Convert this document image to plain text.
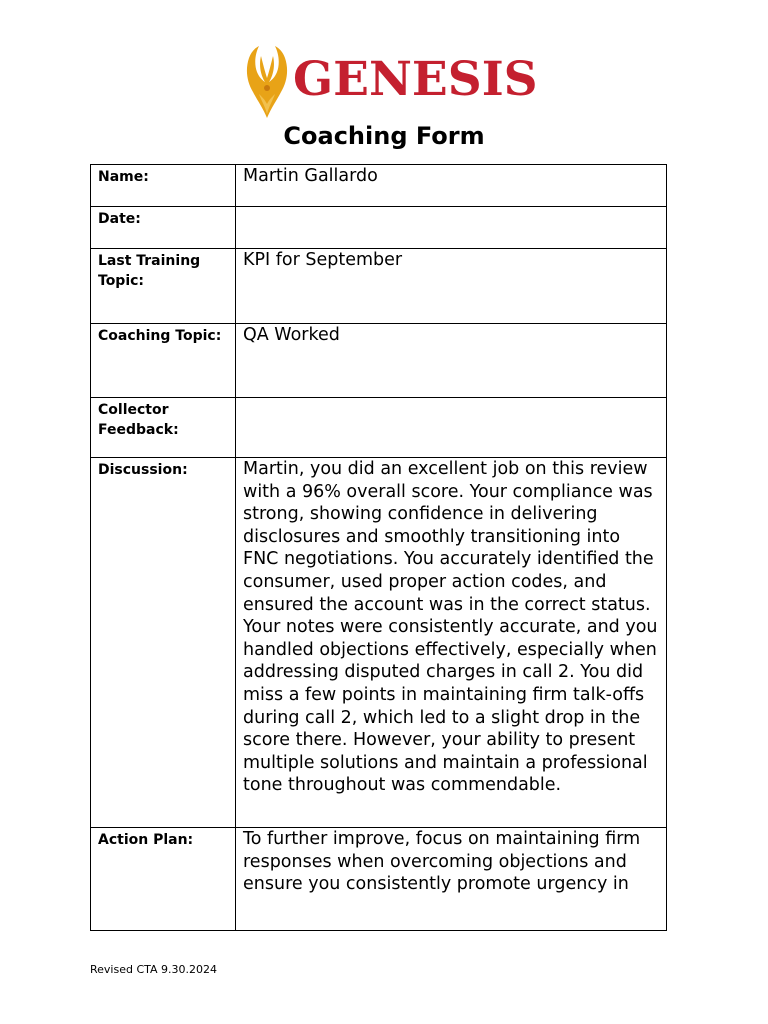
GENESIS
Coaching Form
Name:	Martin Gallardo

Date:	

Last Training Topic:	KPI for September

Coaching Topic:	QA Worked

Collector Feedback:	

Discussion:	Martin, you did an excellent job on this review with a 96% overall score. Your compliance was strong, showing confidence in delivering disclosures and smoothly transitioning into FNC negotiations. You accurately identified the consumer, used proper action codes, and ensured the account was in the correct status. Your notes were consistently accurate, and you handled objections effectively, especially when addressing disputed charges in call 2. You did miss a few points in maintaining firm talk-offs during call 2, which led to a slight drop in the score there. However, your ability to present multiple solutions and maintain a professional tone throughout was commendable.

Action Plan:	To further improve, focus on maintaining firm responses when overcoming objections and ensure you consistently promote urgency in
Revised CTA 9.30.2024
